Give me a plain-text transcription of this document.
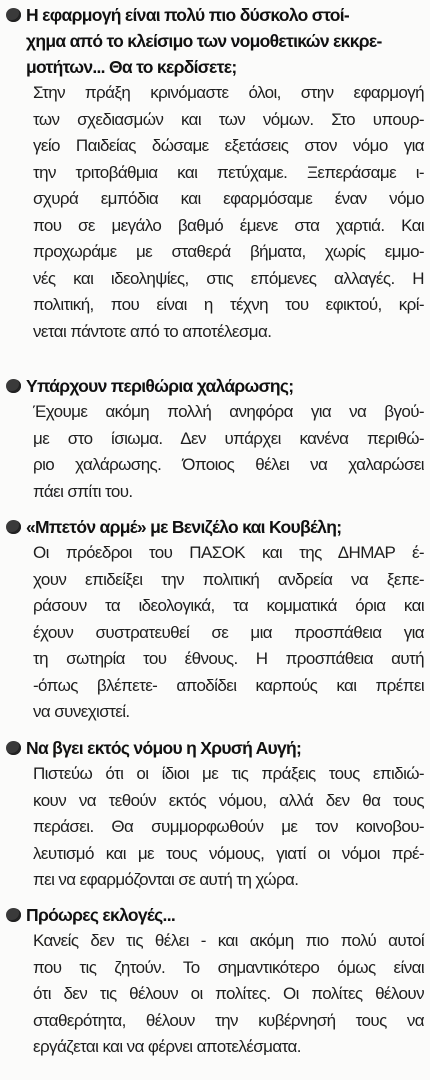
Η εφαρμογή είναι πολύ πιο δύσκολο στοί-
χημα από το κλείσιμο των νομοθετικών εκκρε-
μοτήτων... Θα το κερδίσετε;
Στην πράξη κρινόμαστε όλοι, στην εφαρμογή
των σχεδιασμών και των νόμων. Στο υπουρ-
γείο Παιδείας δώσαμε εξετάσεις στον νόμο για
την τριτοβάθμια και πετύχαμε. Ξεπεράσαμε ι-
σχυρά εμπόδια και εφαρμόσαμε έναν νόμο
που σε μεγάλο βαθμό έμενε στα χαρτιά. Και
προχωράμε με σταθερά βήματα, χωρίς εμμο-
νές και ιδεοληψίες, στις επόμενες αλλαγές. Η
πολιτική, που είναι η τέχνη του εφικτού, κρί-
νεται πάντοτε από το αποτέλεσμα.
Υπάρχουν περιθώρια χαλάρωσης;
Έχουμε ακόμη πολλή ανηφόρα για να βγού-
με στο ίσιωμα. Δεν υπάρχει κανένα περιθώ-
ριο χαλάρωσης. Όποιος θέλει να χαλαρώσει
πάει σπίτι του.
«Μπετόν αρμέ» με Βενιζέλο και Κουβέλη;
Οι πρόεδροι του ΠΑΣΟΚ και της ΔΗΜΑΡ έ-
χουν επιδείξει την πολιτική ανδρεία να ξεπε-
ράσουν τα ιδεολογικά, τα κομματικά όρια και
έχουν συστρατευθεί σε μια προσπάθεια για
τη σωτηρία του έθνους. Η προσπάθεια αυτή
-όπως βλέπετε- αποδίδει καρπούς και πρέπει
να συνεχιστεί.
Να βγει εκτός νόμου η Χρυσή Αυγή;
Πιστεύω ότι οι ίδιοι με τις πράξεις τους επιδιώ-
κουν να τεθούν εκτός νόμου, αλλά δεν θα τους
περάσει. Θα συμμορφωθούν με τον κοινοβου-
λευτισμό και με τους νόμους, γιατί οι νόμοι πρέ-
πει να εφαρμόζονται σε αυτή τη χώρα.
Πρόωρες εκλογές...
Κανείς δεν τις θέλει - και ακόμη πιο πολύ αυτοί
που τις ζητούν. Το σημαντικότερο όμως είναι
ότι δεν τις θέλουν οι πολίτες. Οι πολίτες θέλουν
σταθερότητα, θέλουν την κυβέρνησή τους να
εργάζεται και να φέρνει αποτελέσματα.
